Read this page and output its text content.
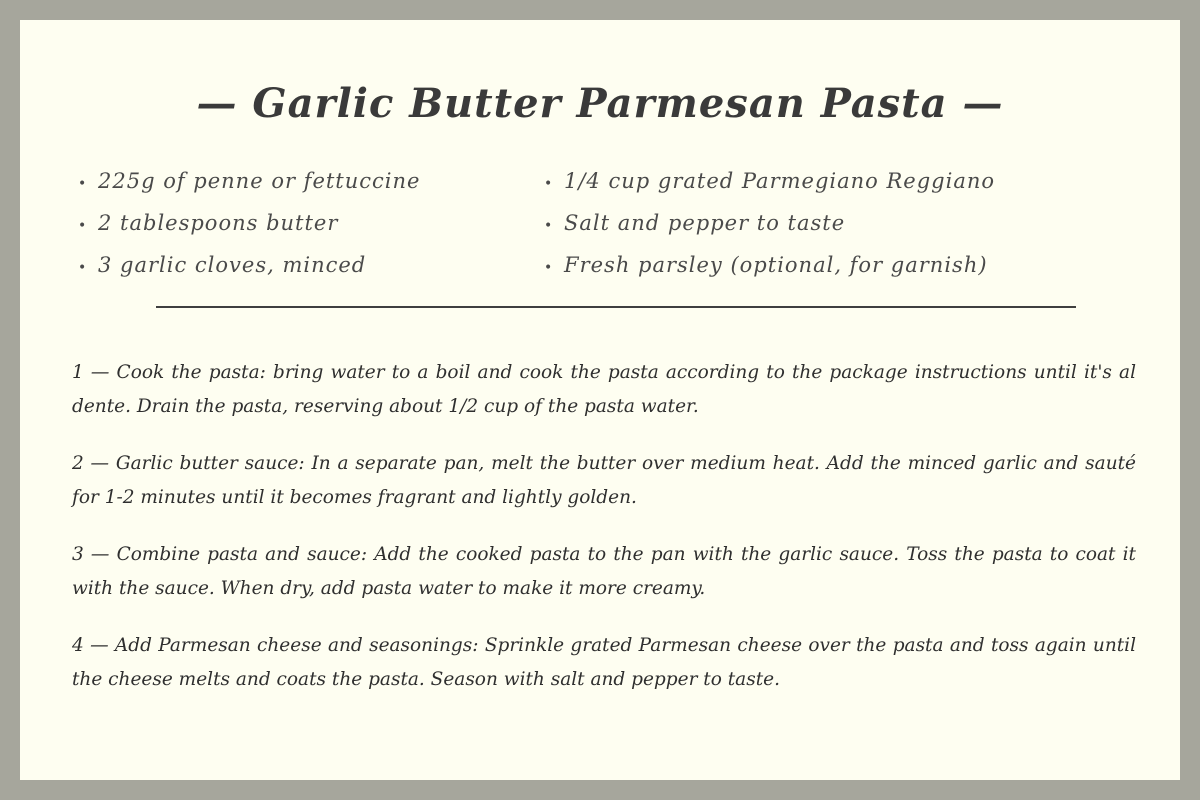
— Garlic Butter Parmesan Pasta —
• 225g of penne or fettuccine
• 2 tablespoons butter
• 3 garlic cloves, minced
• 1/4 cup grated Parmegiano Reggiano
• Salt and pepper to taste
• Fresh parsley (optional, for garnish)

1 — Cook the pasta: bring water to a boil and cook the pasta according to the package instructions until it's al dente. Drain the pasta, reserving about 1/2 cup of the pasta water.

2 — Garlic butter sauce: In a separate pan, melt the butter over medium heat. Add the minced garlic and sauté for 1-2 minutes until it becomes fragrant and lightly golden.

3 — Combine pasta and sauce: Add the cooked pasta to the pan with the garlic sauce. Toss the pasta to coat it with the sauce. When dry, add pasta water to make it more creamy.

4 — Add Parmesan cheese and seasonings: Sprinkle grated Parmesan cheese over the pasta and toss again until the cheese melts and coats the pasta. Season with salt and pepper to taste.
